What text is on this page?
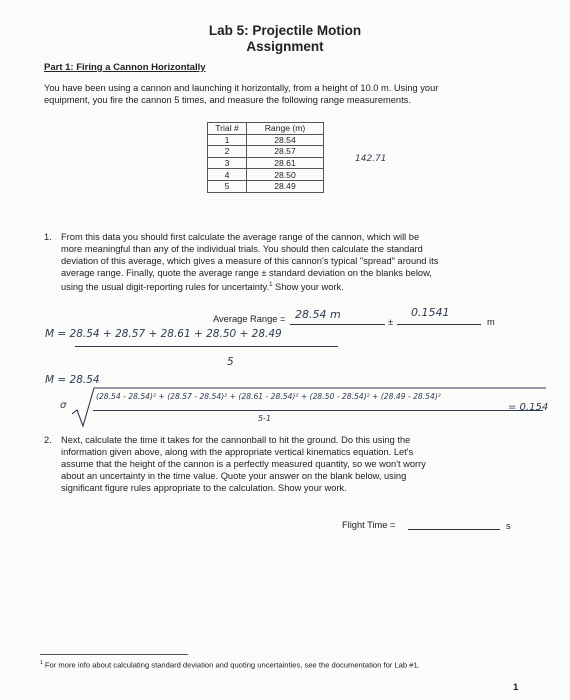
Lab 5: Projectile Motion
Assignment
Part 1: Firing a Cannon Horizontally
You have been using a cannon and launching it horizontally, from a height of 10.0 m. Using your
equipment, you fire the cannon 5 times, and measure the following range measurements.
Trial #	Range (m)
1	28.54
2	28.57
3	28.61
4	28.50
5	28.49
142.71
1. From this data you should first calculate the average range of the cannon, which will be
more meaningful than any of the individual trials. You should then calculate the standard
deviation of this average, which gives a measure of this cannon's typical "spread" around its
average range. Finally, quote the average range ± standard deviation on the blanks below,
using the usual digit-reporting rules for uncertainty.$^1$ Show your work.
Average Range = 28.54 m
±
0.1541
m
M = 28.54 + 28.57 + 28.61 + 28.50 + 28.49
5
M = 28.54
σ
(28.54 - 28.54)² + (28.57 - 28.54)² + (28.61 - 28.54)² + (28.50 - 28.54)² + (28.49 - 28.54)²
5-1
= 0.154
2. Next, calculate the time it takes for the cannonball to hit the ground. Do this using the
information given above, along with the appropriate vertical kinematics equation. Let's
assume that the height of the cannon is a perfectly measured quantity, so we won't worry
about an uncertainty in the time value. Quote your answer on the blank below, using
significant figure rules appropriate to the calculation. Show your work.
Flight Time =	s
$^1$ For more info about calculating standard deviation and quoting uncertainties, see the documentation for Lab #1.
1
